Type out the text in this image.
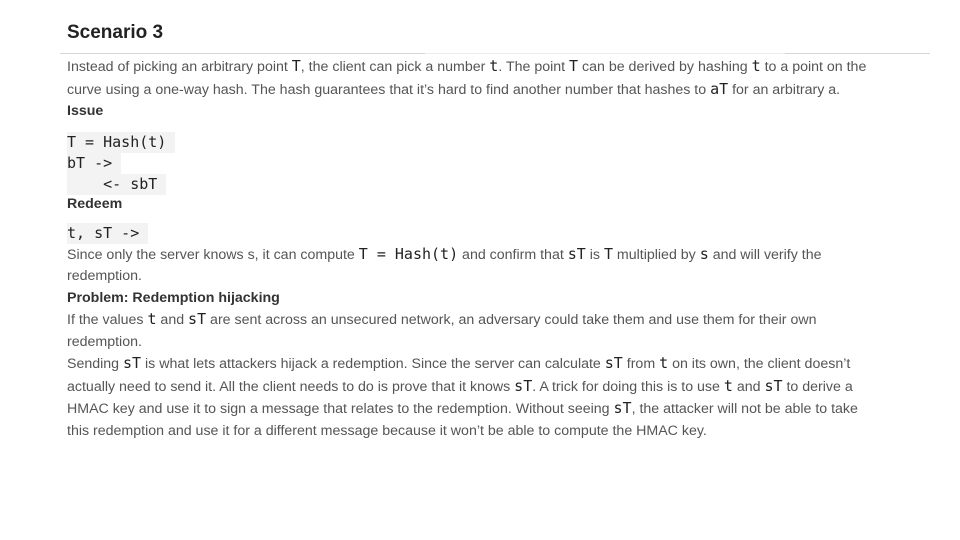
Scenario 3

Instead of picking an arbitrary point T, the client can pick a number t. The point T can be derived by hashing t to a point on the curve using a one-way hash. The hash guarantees that it’s hard to find another number that hashes to aT for an arbitrary a.

Issue

T = Hash(t)
bT ->
<- sbT

Redeem

t, sT ->

Since only the server knows s, it can compute T = Hash(t) and confirm that sT is T multiplied by s and will verify the redemption.

Problem: Redemption hijacking

If the values t and sT are sent across an unsecured network, an adversary could take them and use them for their own redemption.

Sending sT is what lets attackers hijack a redemption. Since the server can calculate sT from t on its own, the client doesn’t actually need to send it. All the client needs to do is prove that it knows sT. A trick for doing this is to use t and sT to derive a HMAC key and use it to sign a message that relates to the redemption. Without seeing sT, the attacker will not be able to take this redemption and use it for a different message because it won’t be able to compute the HMAC key.
